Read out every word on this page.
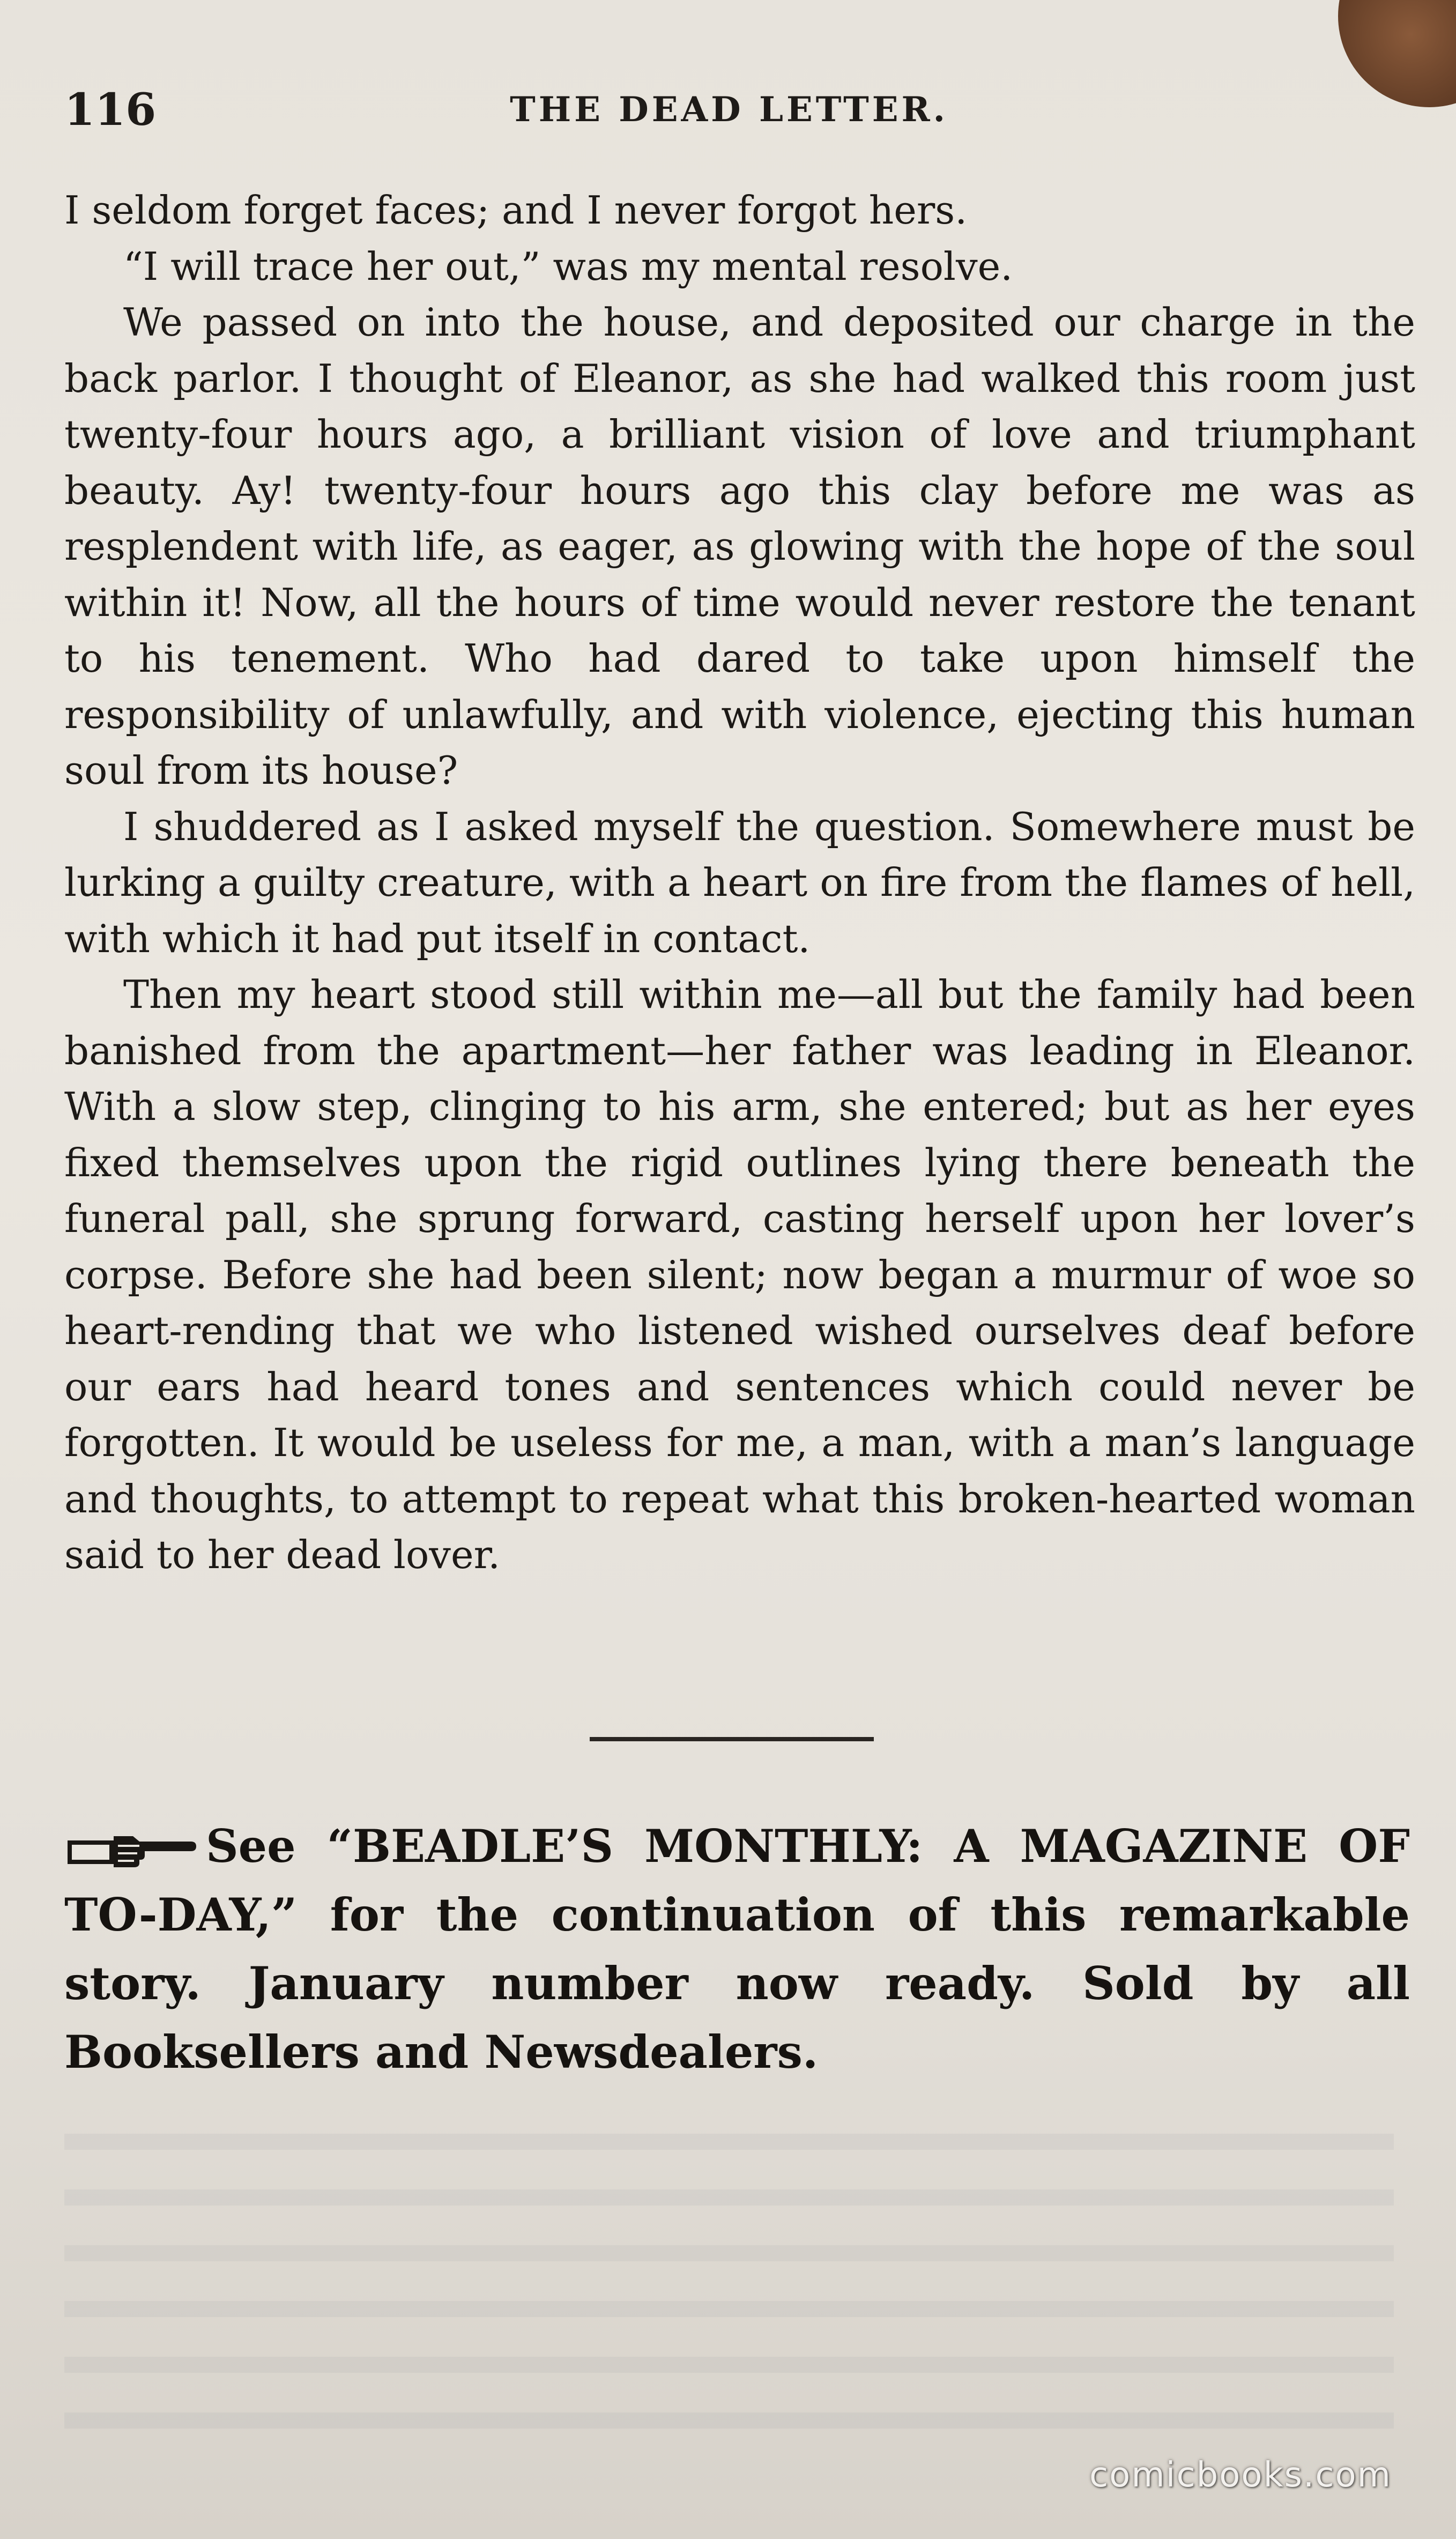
116	THE DEAD LETTER.

I seldom forget faces; and I never forgot hers.

“I will trace her out,” was my mental resolve.

We passed on into the house, and deposited our charge in the back parlor. I thought of Eleanor, as she had walked this room just twenty-four hours ago, a brilliant vision of love and triumphant beauty. Ay! twenty-four hours ago this clay before me was as resplendent with life, as eager, as glowing with the hope of the soul within it! Now, all the hours of time would never restore the tenant to his tenement. Who had dared to take upon himself the responsibility of unlawfully, and with violence, ejecting this human soul from its house?

I shuddered as I asked myself the question. Somewhere must be lurking a guilty creature, with a heart on fire from the flames of hell, with which it had put itself in contact.

Then my heart stood still within me—all but the family had been banished from the apartment—her father was leading in Eleanor. With a slow step, clinging to his arm, she entered; but as her eyes fixed themselves upon the rigid outlines lying there beneath the funeral pall, she sprung forward, casting herself upon her lover’s corpse. Before she had been silent; now began a murmur of woe so heart-rending that we who listened wished ourselves deaf before our ears had heard tones and sentences which could never be forgotten. It would be useless for me, a man, with a man’s language and thoughts, to attempt to repeat what this broken-hearted woman said to her dead lover.

See “BEADLE’S MONTHLY: A MAGAZINE OF TO-DAY,” for the continuation of this remarkable story. January number now ready. Sold by all Booksellers and Newsdealers.

comicbooks.com
